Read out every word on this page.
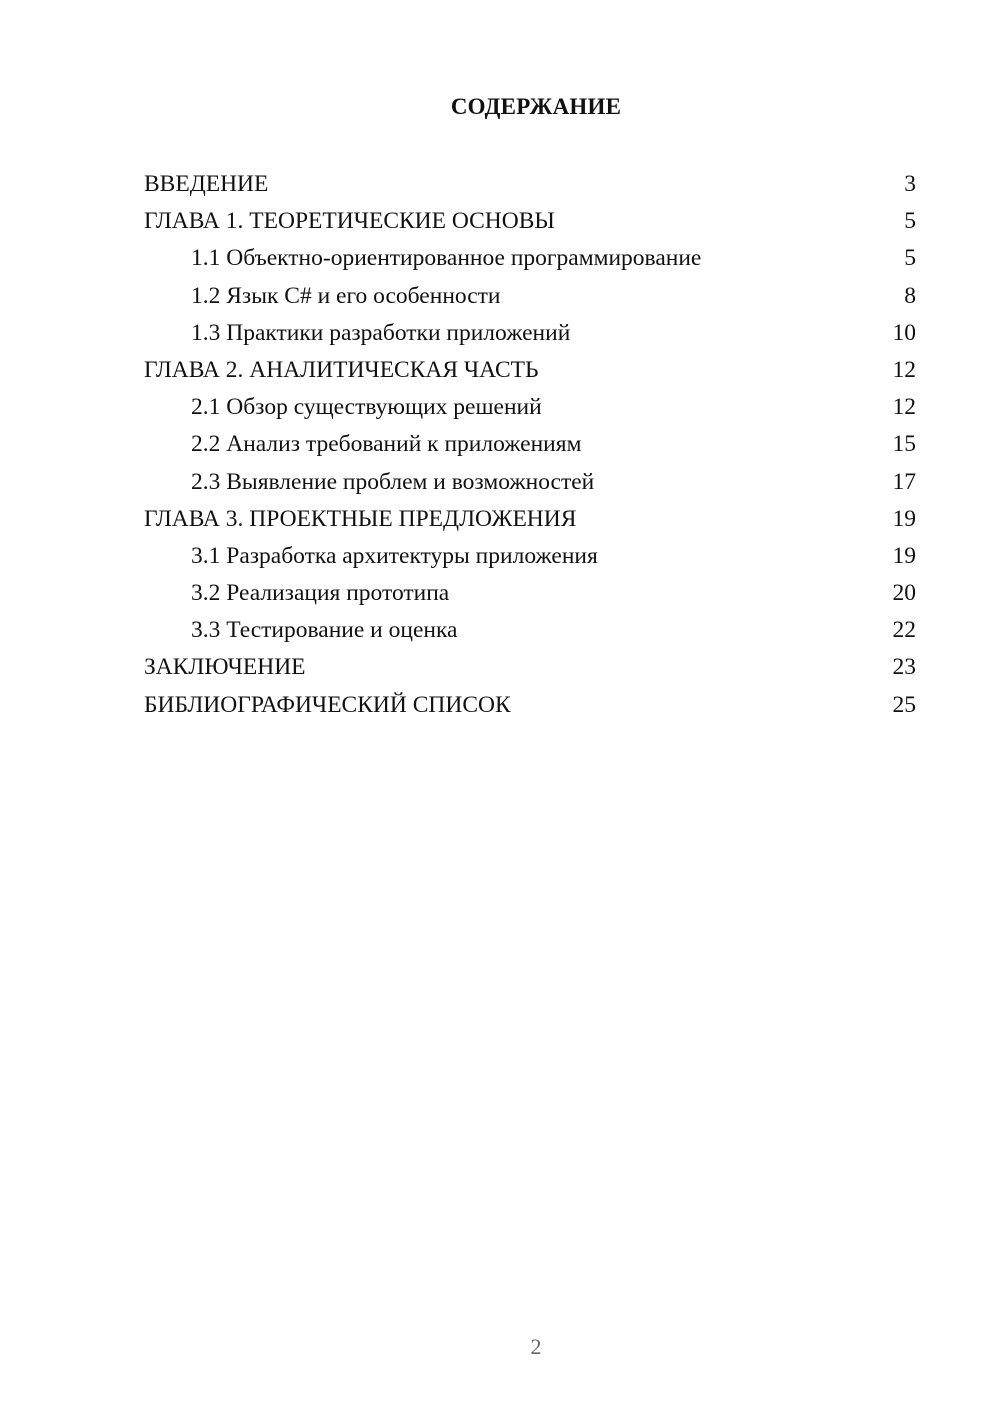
СОДЕРЖАНИЕ
ВВЕДЕНИЕ	3
ГЛАВА 1. ТЕОРЕТИЧЕСКИЕ ОСНОВЫ	5
1.1 Объектно-ориентированное программирование	5
1.2 Язык C# и его особенности	8
1.3 Практики разработки приложений	10
ГЛАВА 2. АНАЛИТИЧЕСКАЯ ЧАСТЬ	12
2.1 Обзор существующих решений	12
2.2 Анализ требований к приложениям	15
2.3 Выявление проблем и возможностей	17
ГЛАВА 3. ПРОЕКТНЫЕ ПРЕДЛОЖЕНИЯ	19
3.1 Разработка архитектуры приложения	19
3.2 Реализация прототипа	20
3.3 Тестирование и оценка	22
ЗАКЛЮЧЕНИЕ	23
БИБЛИОГРАФИЧЕСКИЙ СПИСОК	25
2
